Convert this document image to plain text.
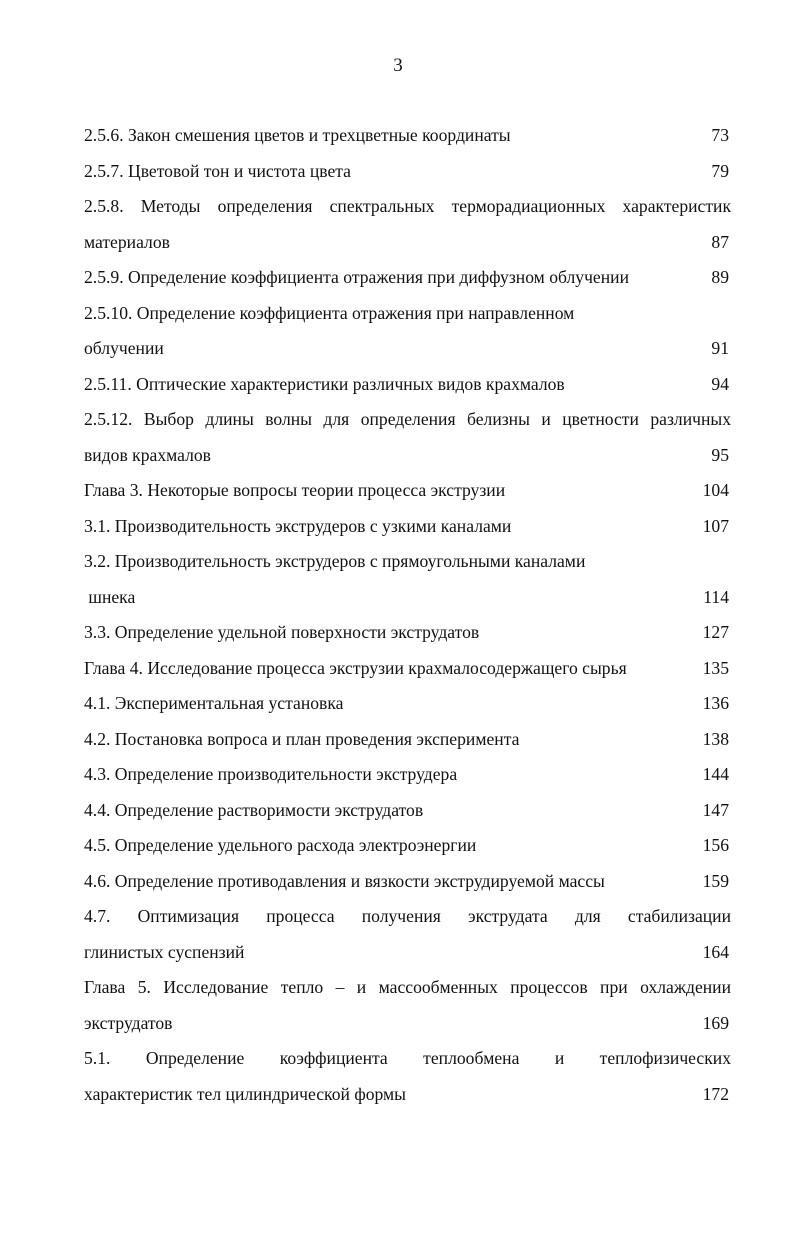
3
2.5.6. Закон смешения цветов и трехцветные координаты	73
2.5.7. Цветовой тон и чистота цвета	79
2.5.8. Методы определения спектральных терморадиационных характеристик
материалов	87
2.5.9. Определение коэффициента отражения при диффузном облучении	89
2.5.10. Определение коэффициента отражения при направленном
облучении	91
2.5.11. Оптические характеристики различных видов крахмалов	94
2.5.12. Выбор длины волны для определения белизны и цветности различных
видов крахмалов	95
Глава 3. Некоторые вопросы теории процесса экструзии	104
3.1. Производительность экструдеров с узкими каналами	107
3.2. Производительность экструдеров с прямоугольными каналами
шнека	114
3.3. Определение удельной поверхности экструдатов	127
Глава 4. Исследование процесса экструзии крахмалосодержащего сырья	135
4.1. Экспериментальная установка	136
4.2. Постановка вопроса и план проведения эксперимента	138
4.3. Определение производительности экструдера	144
4.4. Определение растворимости экструдатов	147
4.5. Определение удельного расхода электроэнергии	156
4.6. Определение противодавления и вязкости экструдируемой массы	159
4.7. Оптимизация процесса получения экструдата для стабилизации
глинистых суспензий	164
Глава 5. Исследование тепло – и массообменных процессов при охлаждении
экструдатов	169
5.1. Определение коэффициента теплообмена и теплофизических
характеристик тел цилиндрической формы	172
